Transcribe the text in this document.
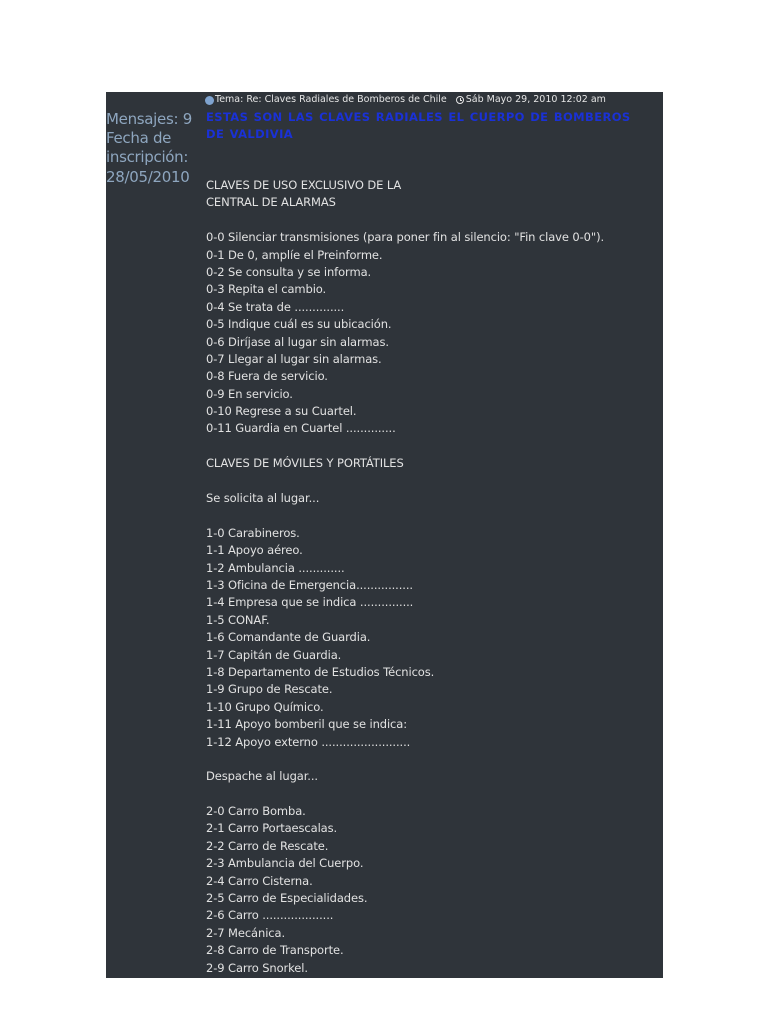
Mensajes: 9
Fecha de
inscripción:
28/05/2010
Tema: Re: Claves Radiales de Bomberos de Chile Sáb Mayo 29, 2010 12:02 am
ESTAS SON LAS CLAVES RADIALES EL CUERPO DE BOMBEROS DE VALDIVIA
CLAVES DE USO EXCLUSIVO DE LA
CENTRAL DE ALARMAS
0-0 Silenciar transmisiones (para poner fin al silencio: "Fin clave 0-0").
0-1 De 0, amplíe el Preinforme.
0-2 Se consulta y se informa.
0-3 Repita el cambio.
0-4 Se trata de ..............
0-5 Indique cuál es su ubicación.
0-6 Diríjase al lugar sin alarmas.
0-7 Llegar al lugar sin alarmas.
0-8 Fuera de servicio.
0-9 En servicio.
0-10 Regrese a su Cuartel.
0-11 Guardia en Cuartel ..............
CLAVES DE MÓVILES Y PORTÁTILES
Se solicita al lugar...
1-0 Carabineros.
1-1 Apoyo aéreo.
1-2 Ambulancia .............
1-3 Oficina de Emergencia................
1-4 Empresa que se indica ...............
1-5 CONAF.
1-6 Comandante de Guardia.
1-7 Capitán de Guardia.
1-8 Departamento de Estudios Técnicos.
1-9 Grupo de Rescate.
1-10 Grupo Químico.
1-11 Apoyo bomberil que se indica:
1-12 Apoyo externo .........................
Despache al lugar...
2-0 Carro Bomba.
2-1 Carro Portaescalas.
2-2 Carro de Rescate.
2-3 Ambulancia del Cuerpo.
2-4 Carro Cisterna.
2-5 Carro de Especialidades.
2-6 Carro ....................
2-7 Mecánica.
2-8 Carro de Transporte.
2-9 Carro Snorkel.
